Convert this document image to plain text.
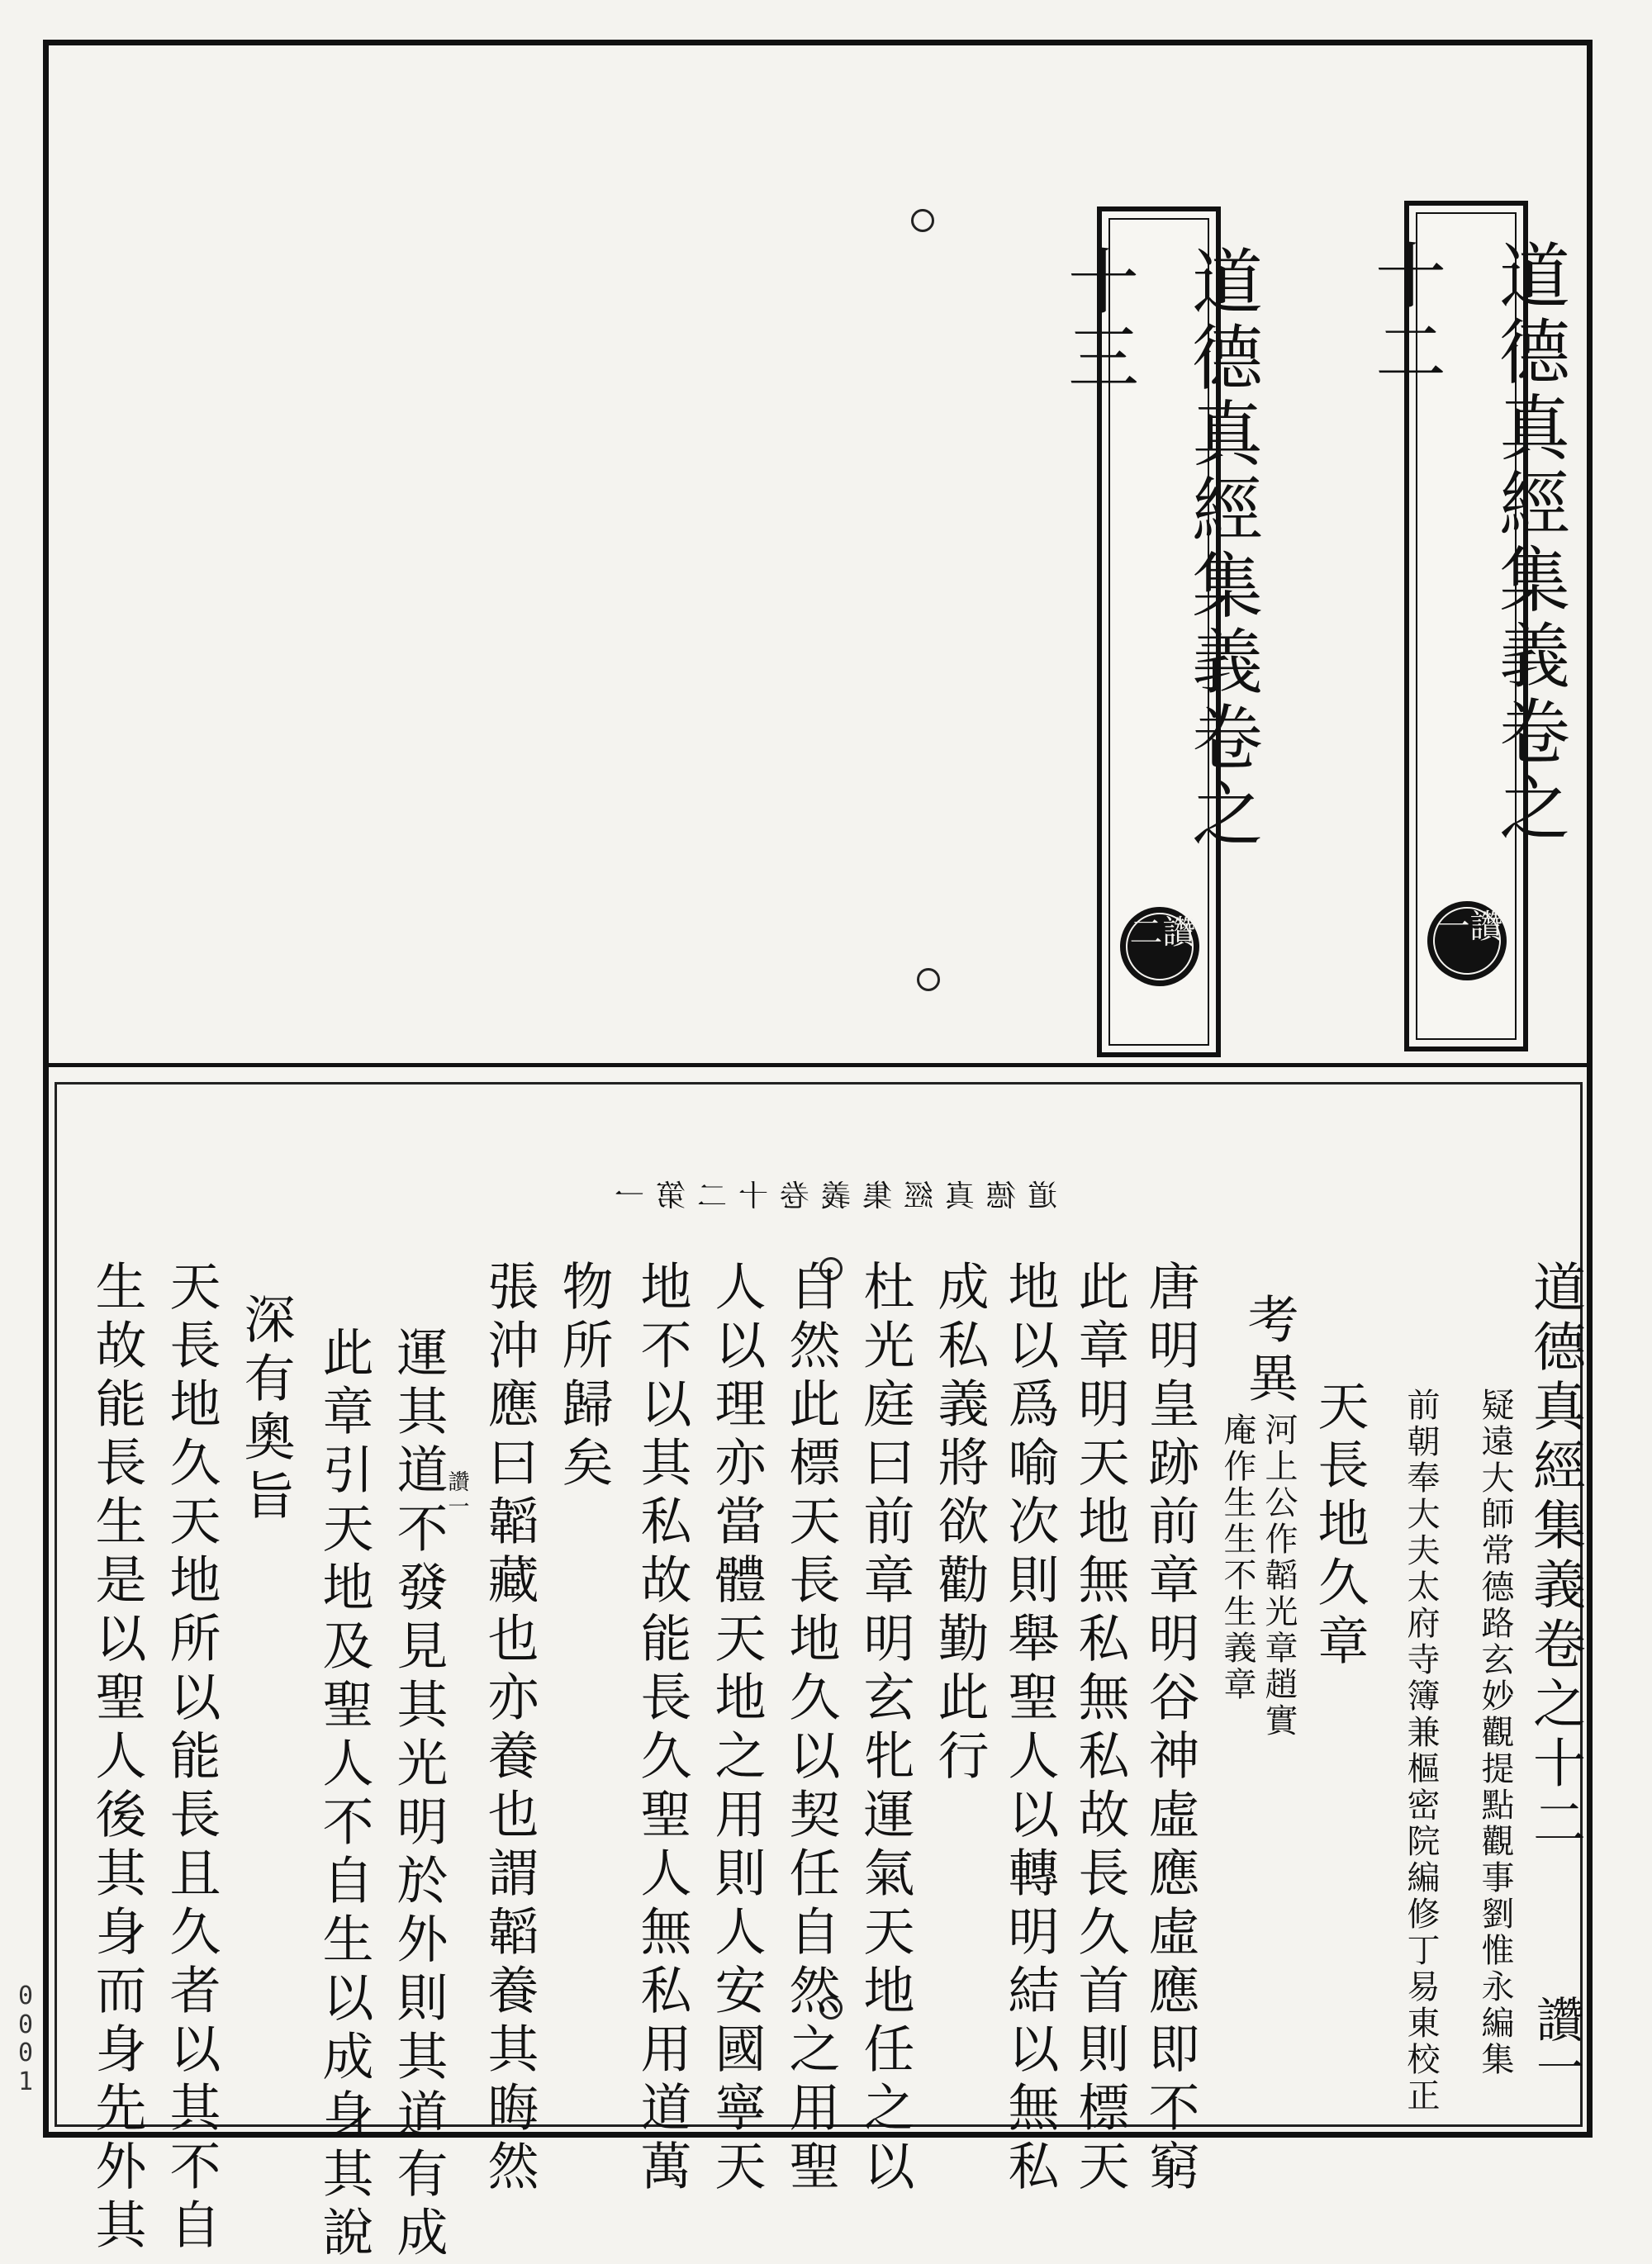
道德真經集義卷之十二
讚一
道德真經集義卷之十三
讚二
道德真經集義卷十二第一
道德真經集義卷之十二
讚一
疑遠大師常德路玄妙觀提點觀事劉惟永編集
前朝奉大夫太府寺簿兼樞密院編修丁易東校正
天長地久章
考異
河上公作韜光章趙實
庵作生生不生義章
唐明皇跡前章明谷神虛應虛應即不窮
此章明天地無私無私故長久首則標天
地以爲喻次則舉聖人以轉明結以無私
成私義將欲勸勤此行
杜光庭曰前章明玄牝運氣天地任之以
自然此標天長地久以契任自然之用聖
人以理亦當體天地之用則人安國寧天
地不以其私故能長久聖人無私用道萬
物所歸矣
張沖應曰韜藏也亦養也謂韜養其晦然
讚一
運其道不發見其光明於外則其道有成
此章引天地及聖人不自生以成身其說
深有奧旨
天長地久天地所以能長且久者以其不自
生故能長生是以聖人後其身而身先外其
0
0
0
1
